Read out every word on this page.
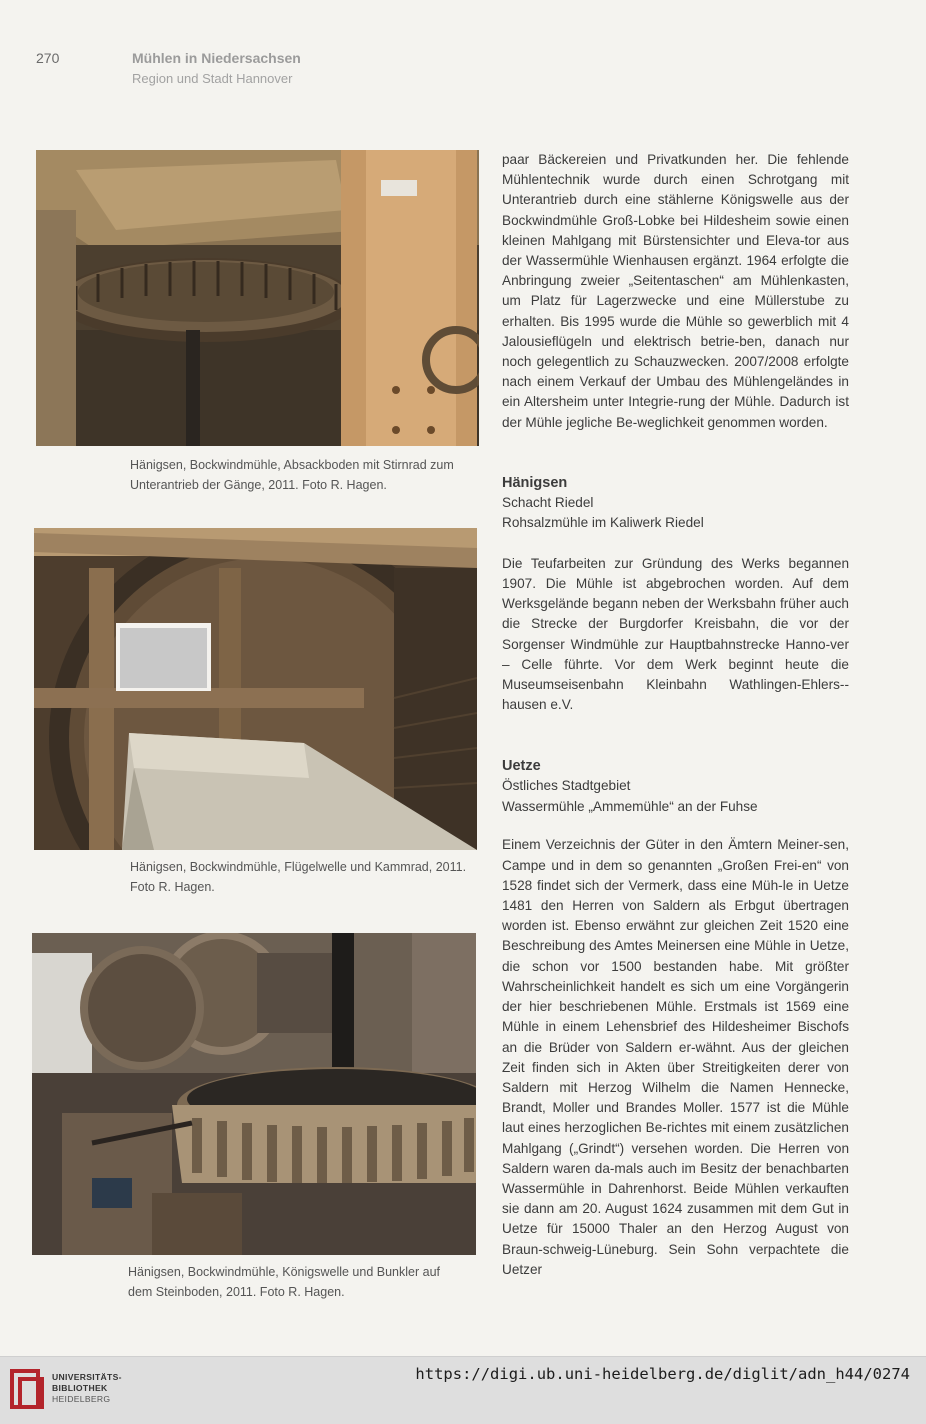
270	Mühlen in Niedersachsen
Region und Stadt Hannover
Hänigsen, Bockwindmühle, Absackboden mit Stirnrad zum
Unterantrieb der Gänge, 2011. Foto R. Hagen.
Hänigsen, Bockwindmühle, Flügelwelle und Kammrad, 2011.
Foto R. Hagen.
Hänigsen, Bockwindmühle, Königswelle und Bunkler auf
dem Steinboden, 2011. Foto R. Hagen.

paar Bäckereien und Privatkunden her. Die fehlende Mühlentechnik wurde durch einen Schrotgang mit Unterantrieb durch eine stählerne Königswelle aus der Bockwindmühle Groß-Lobke bei Hildesheim sowie einen kleinen Mahlgang mit Bürstensichter und Eleva-tor aus der Wassermühle Wienhausen ergänzt. 1964 erfolgte die Anbringung zweier „Seitentaschen“ am Mühlenkasten, um Platz für Lagerzwecke und eine Müllerstube zu erhalten. Bis 1995 wurde die Mühle so gewerblich mit 4 Jalousieflügeln und elektrisch betrie-ben, danach nur noch gelegentlich zu Schauzwecken. 2007/2008 erfolgte nach einem Verkauf der Umbau des Mühlengeländes in ein Altersheim unter Integrie-rung der Mühle. Dadurch ist der Mühle jegliche Be-weglichkeit genommen worden.

Hänigsen

Schacht Riedel

Rohsalzmühle im Kaliwerk Riedel

Die Teufarbeiten zur Gründung des Werks begannen 1907. Die Mühle ist abgebrochen worden. Auf dem Werksgelände begann neben der Werksbahn früher auch die Strecke der Burgdorfer Kreisbahn, die vor der Sorgenser Windmühle zur Hauptbahnstrecke Hanno-ver – Celle führte. Vor dem Werk beginnt heute die Museumseisenbahn Kleinbahn Wathlingen-Ehlers-hausen e.V.

Uetze

Östliches Stadtgebiet

Wassermühle „Ammemühle“ an der Fuhse

Einem Verzeichnis der Güter in den Ämtern Meiner-sen, Campe und in dem so genannten „Großen Frei-en“ von 1528 findet sich der Vermerk, dass eine Müh-le in Uetze 1481 den Herren von Saldern als Erbgut übertragen worden ist. Ebenso erwähnt zur gleichen Zeit 1520 eine Beschreibung des Amtes Meinersen eine Mühle in Uetze, die schon vor 1500 bestanden habe. Mit größter Wahrscheinlichkeit handelt es sich um eine Vorgängerin der hier beschriebenen Mühle. Erstmals ist 1569 eine Mühle in einem Lehensbrief des Hildesheimer Bischofs an die Brüder von Saldern er-wähnt. Aus der gleichen Zeit finden sich in Akten über Streitigkeiten derer von Saldern mit Herzog Wilhelm die Namen Hennecke, Brandt, Moller und Brandes Moller. 1577 ist die Mühle laut eines herzoglichen Be-richtes mit einem zusätzlichen Mahlgang („Grindt“) versehen worden. Die Herren von Saldern waren da-mals auch im Besitz der benachbarten Wassermühle in Dahrenhorst. Beide Mühlen verkauften sie dann am 20. August 1624 zusammen mit dem Gut in Uetze für 15000 Thaler an den Herzog August von Braun-schweig-Lüneburg. Sein Sohn verpachtete die Uetzer

UNIVERSITÄTS-
BIBLIOTHEK
HEIDELBERG
https://digi.ub.uni-heidelberg.de/diglit/adn_h44/0274
